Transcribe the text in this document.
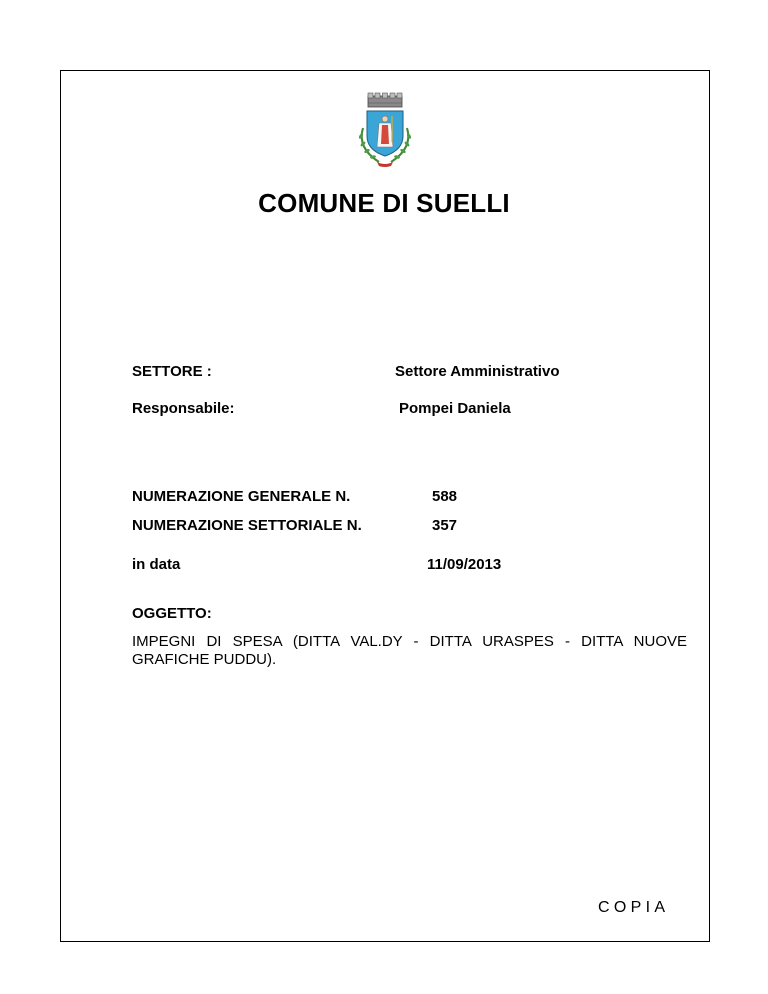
COMUNE DI SUELLI
SETTORE :	Settore Amministrativo
Responsabile:	Pompei Daniela
NUMERAZIONE GENERALE N.	588
NUMERAZIONE SETTORIALE N.	357
in data	11/09/2013
OGGETTO:
IMPEGNI DI SPESA (DITTA VAL.DY - DITTA URASPES - DITTA NUOVE GRAFICHE PUDDU).
COPIA
